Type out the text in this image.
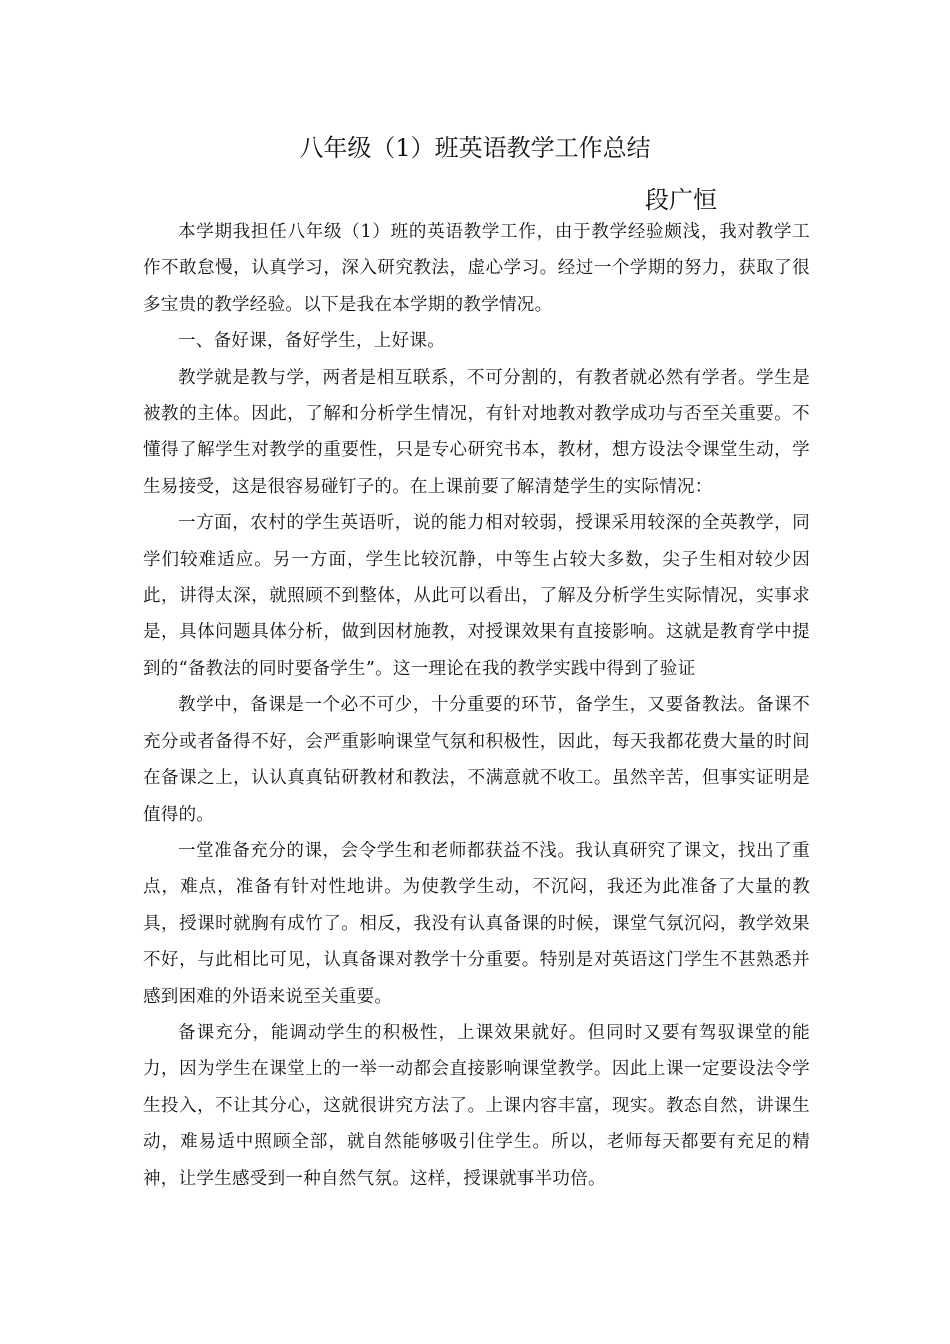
八年级（1）班英语教学工作总结
段广恒

本学期我担任八年级（1）班的英语教学工作，由于教学经验颇浅，我对教学工作不敢怠慢，认真学习，深入研究教法，虚心学习。经过一个学期的努力，获取了很多宝贵的教学经验。以下是我在本学期的教学情况。

一、备好课，备好学生，上好课。

教学就是教与学，两者是相互联系，不可分割的，有教者就必然有学者。学生是被教的主体。因此，了解和分析学生情况，有针对地教对教学成功与否至关重要。不懂得了解学生对教学的重要性，只是专心研究书本，教材，想方设法令课堂生动，学生易接受，这是很容易碰钉子的。在上课前要了解清楚学生的实际情况：

一方面，农村的学生英语听，说的能力相对较弱，授课采用较深的全英教学，同学们较难适应。另一方面，学生比较沉静，中等生占较大多数，尖子生相对较少因此，讲得太深，就照顾不到整体，从此可以看出，了解及分析学生实际情况，实事求是，具体问题具体分析，做到因材施教，对授课效果有直接影响。这就是教育学中提到的“备教法的同时要备学生”。这一理论在我的教学实践中得到了验证

教学中，备课是一个必不可少，十分重要的环节，备学生，又要备教法。备课不充分或者备得不好，会严重影响课堂气氛和积极性，因此，每天我都花费大量的时间在备课之上，认认真真钻研教材和教法，不满意就不收工。虽然辛苦，但事实证明是值得的。

一堂准备充分的课，会令学生和老师都获益不浅。我认真研究了课文，找出了重点，难点，准备有针对性地讲。为使教学生动，不沉闷，我还为此准备了大量的教具，授课时就胸有成竹了。相反，我没有认真备课的时候，课堂气氛沉闷，教学效果不好，与此相比可见，认真备课对教学十分重要。特别是对英语这门学生不甚熟悉并感到困难的外语来说至关重要。

备课充分，能调动学生的积极性，上课效果就好。但同时又要有驾驭课堂的能力，因为学生在课堂上的一举一动都会直接影响课堂教学。因此上课一定要设法令学生投入，不让其分心，这就很讲究方法了。上课内容丰富，现实。教态自然，讲课生动，难易适中照顾全部，就自然能够吸引住学生。所以，老师每天都要有充足的精神，让学生感受到一种自然气氛。这样，授课就事半功倍。
